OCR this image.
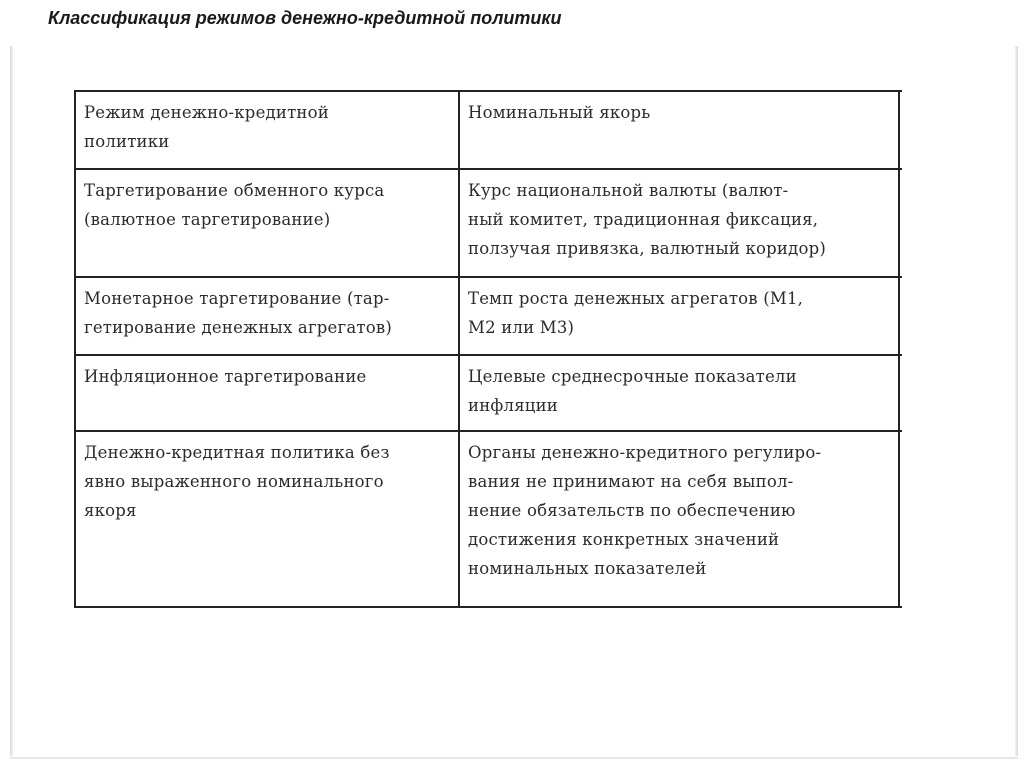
Классификация режимов денежно-кредитной политики
Режим денежно-кредитной
политики
Номинальный якорь
Таргетирование обменного курса
(валютное таргетирование)
Курс национальной валюты (валют-
ный комитет, традиционная фиксация,
ползучая привязка, валютный коридор)
Монетарное таргетирование (тар-
гетирование денежных агрегатов)
Темп роста денежных агрегатов (М1,
М2 или М3)
Инфляционное таргетирование	Целевые среднесрочные показатели
инфляции
Денежно-кредитная политика без
явно выраженного номинального
якоря
Органы денежно-кредитного регулиро-
вания не принимают на себя выпол-
нение обязательств по обеспечению
достижения конкретных значений
номинальных показателей
